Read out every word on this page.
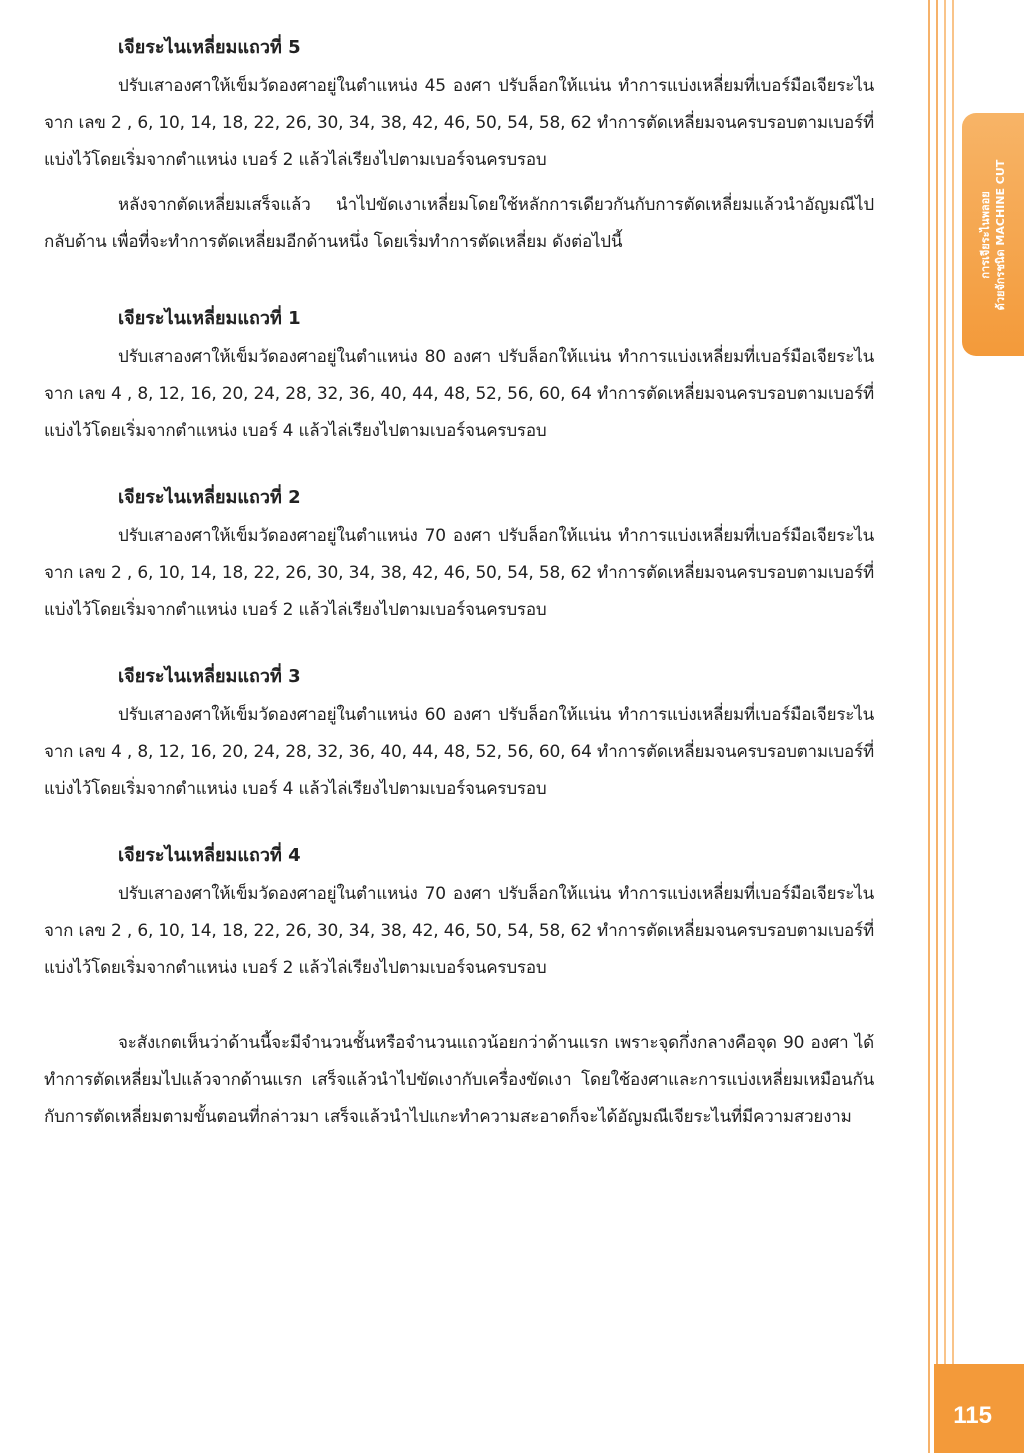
การเจียระไนพลอย ด้วยจักรชนิด MACHINE CUT
เจียระไนเหลี่ยมแถวที่ 5

ปรับเสาองศาให้เข็มวัดองศาอยู่ในตำแหน่ง 45 องศา ปรับล็อกให้แน่น ทำการแบ่งเหลี่ยมที่เบอร์มือเจียระไน จาก เลข 2 , 6, 10, 14, 18, 22, 26, 30, 34, 38, 42, 46, 50, 54, 58, 62 ทำการตัดเหลี่ยมจนครบรอบตามเบอร์ที่แบ่งไว้โดยเริ่มจากตำแหน่ง เบอร์ 2 แล้วไล่เรียงไปตามเบอร์จนครบรอบ

หลังจากตัดเหลี่ยมเสร็จแล้ว นำไปขัดเงาเหลี่ยมโดยใช้หลักการเดียวกันกับการตัดเหลี่ยมแล้วนำอัญมณีไปกลับด้าน เพื่อที่จะทำการตัดเหลี่ยมอีกด้านหนึ่ง โดยเริ่มทำการตัดเหลี่ยม ดังต่อไปนี้

เจียระไนเหลี่ยมแถวที่ 1

ปรับเสาองศาให้เข็มวัดองศาอยู่ในตำแหน่ง 80 องศา ปรับล็อกให้แน่น ทำการแบ่งเหลี่ยมที่เบอร์มือเจียระไน จาก เลข 4 , 8, 12, 16, 20, 24, 28, 32, 36, 40, 44, 48, 52, 56, 60, 64 ทำการตัดเหลี่ยมจนครบรอบตามเบอร์ที่แบ่งไว้โดยเริ่มจากตำแหน่ง เบอร์ 4 แล้วไล่เรียงไปตามเบอร์จนครบรอบ

เจียระไนเหลี่ยมแถวที่ 2

ปรับเสาองศาให้เข็มวัดองศาอยู่ในตำแหน่ง 70 องศา ปรับล็อกให้แน่น ทำการแบ่งเหลี่ยมที่เบอร์มือเจียระไน จาก เลข 2 , 6, 10, 14, 18, 22, 26, 30, 34, 38, 42, 46, 50, 54, 58, 62 ทำการตัดเหลี่ยมจนครบรอบตามเบอร์ที่แบ่งไว้โดยเริ่มจากตำแหน่ง เบอร์ 2 แล้วไล่เรียงไปตามเบอร์จนครบรอบ

เจียระไนเหลี่ยมแถวที่ 3

ปรับเสาองศาให้เข็มวัดองศาอยู่ในตำแหน่ง 60 องศา ปรับล็อกให้แน่น ทำการแบ่งเหลี่ยมที่เบอร์มือเจียระไน จาก เลข 4 , 8, 12, 16, 20, 24, 28, 32, 36, 40, 44, 48, 52, 56, 60, 64 ทำการตัดเหลี่ยมจนครบรอบตามเบอร์ที่แบ่งไว้โดยเริ่มจากตำแหน่ง เบอร์ 4 แล้วไล่เรียงไปตามเบอร์จนครบรอบ

เจียระไนเหลี่ยมแถวที่ 4

ปรับเสาองศาให้เข็มวัดองศาอยู่ในตำแหน่ง 70 องศา ปรับล็อกให้แน่น ทำการแบ่งเหลี่ยมที่เบอร์มือเจียระไน จาก เลข 2 , 6, 10, 14, 18, 22, 26, 30, 34, 38, 42, 46, 50, 54, 58, 62 ทำการตัดเหลี่ยมจนครบรอบตามเบอร์ที่แบ่งไว้โดยเริ่มจากตำแหน่ง เบอร์ 2 แล้วไล่เรียงไปตามเบอร์จนครบรอบ

จะสังเกตเห็นว่าด้านนี้จะมีจำนวนชั้นหรือจำนวนแถวน้อยกว่าด้านแรก เพราะจุดกึ่งกลางคือจุด 90 องศา ได้ทำการตัดเหลี่ยมไปแล้วจากด้านแรก เสร็จแล้วนำไปขัดเงากับเครื่องขัดเงา โดยใช้องศาและการแบ่งเหลี่ยมเหมือนกันกับการตัดเหลี่ยมตามขั้นตอนที่กล่าวมา เสร็จแล้วนำไปแกะทำความสะอาดก็จะได้อัญมณีเจียระไนที่มีความสวยงาม

115
